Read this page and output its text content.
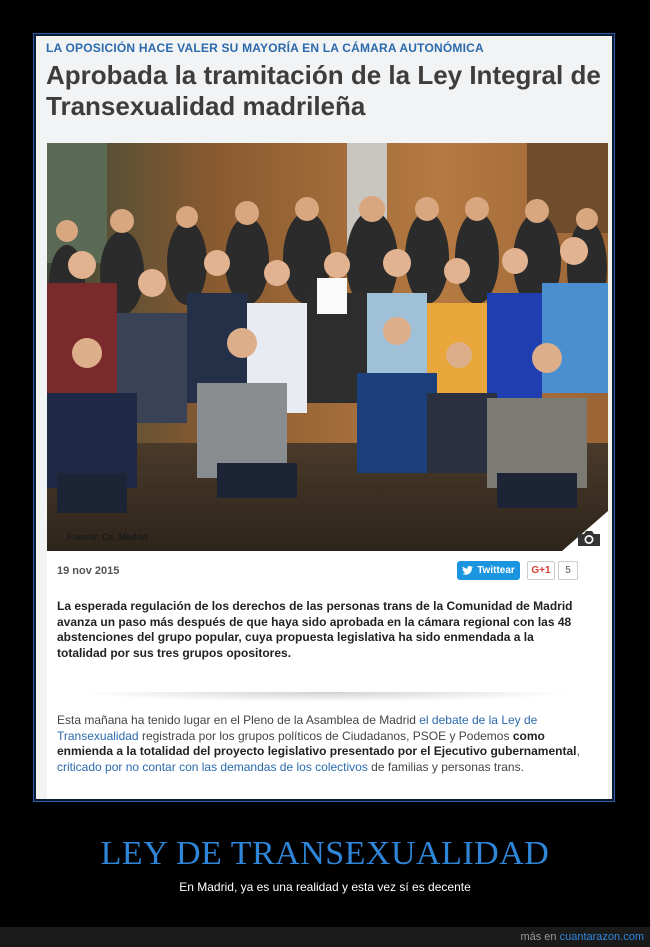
LA OPOSICIÓN HACE VALER SU MAYORÍA EN LA CÁMARA AUTONÓMICA
Aprobada la tramitación de la Ley Integral de Transexualidad madrileña
Fuente: Cs_Madrid
19 nov 2015	Twittear	G+1	5

La esperada regulación de los derechos de las personas trans de la Comunidad de Madrid avanza un paso más después de que haya sido aprobada en la cámara regional con las 48 abstenciones del grupo popular, cuya propuesta legislativa ha sido enmendada a la totalidad por sus tres grupos opositores.

Esta mañana ha tenido lugar en el Pleno de la Asamblea de Madrid el debate de la Ley de Transexualidad registrada por los grupos políticos de Ciudadanos, PSOE y Podemos como enmienda a la totalidad del proyecto legislativo presentado por el Ejecutivo gubernamental, criticado por no contar con las demandas de los colectivos de familias y personas trans.

LEY DE TRANSEXUALIDAD
En Madrid, ya es una realidad y esta vez sí es decente
más en cuantarazon.com
